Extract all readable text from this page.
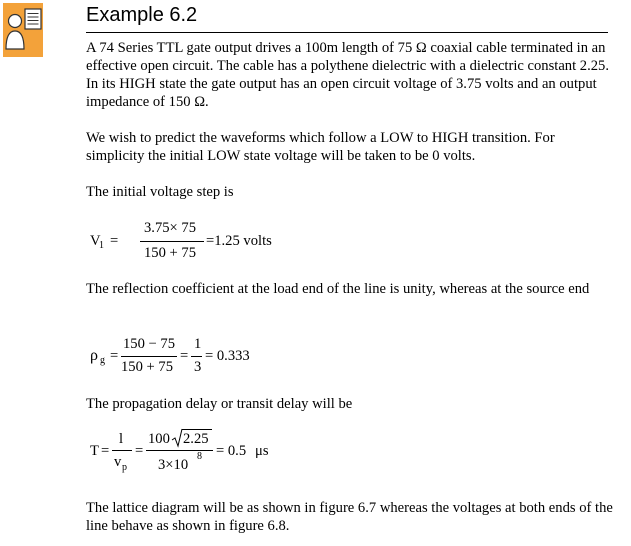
Example 6.2
A 74 Series TTL gate output drives a 100m length of 75 Ω coaxial cable terminated in an effective open circuit. The cable has a polythene dielectric with a dielectric constant 2.25. In its HIGH state the gate output has an open circuit voltage of 3.75 volts and an output impedance of 150 Ω.
We wish to predict the waveforms which follow a LOW to HIGH transition. For simplicity the initial LOW state voltage will be taken to be 0 volts.
The initial voltage step is
V
1 =
3.75× 75
150 + 75
=1.25 volts
The reflection coefficient at the load end of the line is unity, whereas at the source end
ρ g =
150 − 75
150 + 75
=
1
3
= 0.333
The propagation delay or transit delay will be
T =
l
v p
=
100 2.25
3×10
8 = 0.5 μs
The lattice diagram will be as shown in figure 6.7 whereas the voltages at both ends of the line behave as shown in figure 6.8.
